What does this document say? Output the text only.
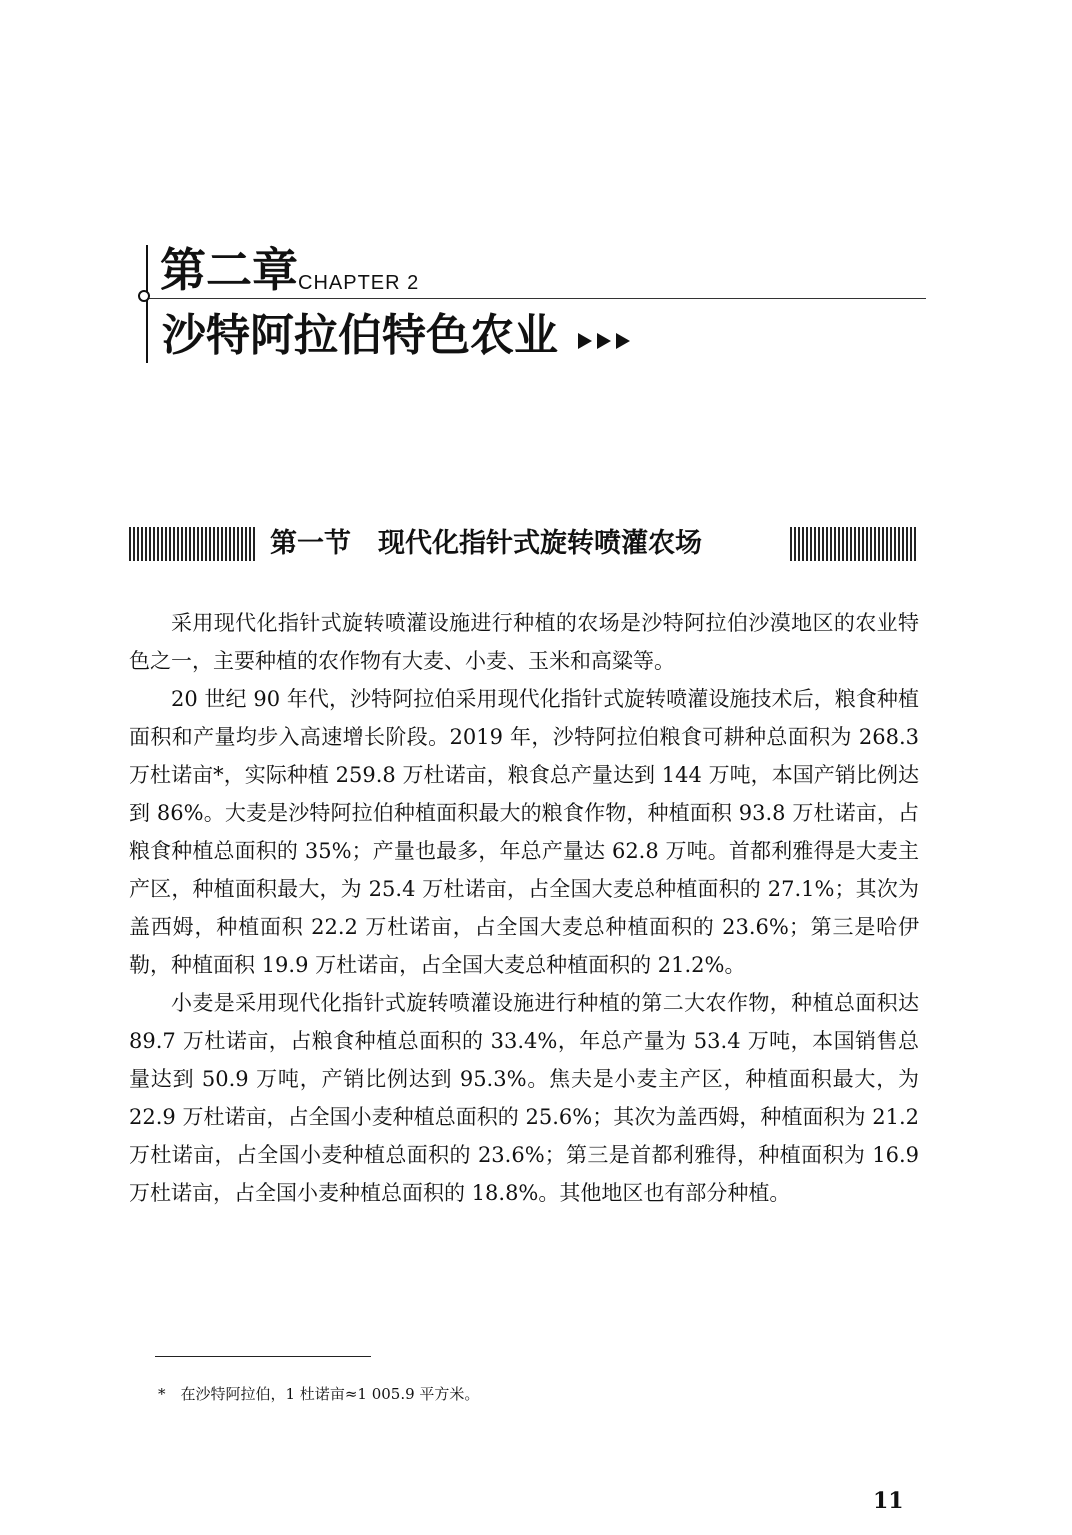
第二章 CHAPTER 2
沙特阿拉伯特色农业
第一节　现代化指针式旋转喷灌农场

采用现代化指针式旋转喷灌设施进行种植的农场是沙特阿拉伯沙漠地区的农业特色之一，主要种植的农作物有大麦、小麦、玉米和高粱等。

20 世纪 90 年代，沙特阿拉伯采用现代化指针式旋转喷灌设施技术后，粮食种植面积和产量均步入高速增长阶段。2019 年，沙特阿拉伯粮食可耕种总面积为 268.3 万杜诺亩*，实际种植 259.8 万杜诺亩，粮食总产量达到 144 万吨，本国产销比例达到 86%。大麦是沙特阿拉伯种植面积最大的粮食作物，种植面积 93.8 万杜诺亩，占粮食种植总面积的 35%；产量也最多，年总产量达 62.8 万吨。首都利雅得是大麦主产区，种植面积最大，为 25.4 万杜诺亩，占全国大麦总种植面积的 27.1%；其次为盖西姆，种植面积 22.2 万杜诺亩，占全国大麦总种植面积的 23.6%；第三是哈伊勒，种植面积 19.9 万杜诺亩，占全国大麦总种植面积的 21.2%。

小麦是采用现代化指针式旋转喷灌设施进行种植的第二大农作物，种植总面积达 89.7 万杜诺亩，占粮食种植总面积的 33.4%，年总产量为 53.4 万吨，本国销售总量达到 50.9 万吨，产销比例达到 95.3%。焦夫是小麦主产区，种植面积最大，为 22.9 万杜诺亩，占全国小麦种植总面积的 25.6%；其次为盖西姆，种植面积为 21.2 万杜诺亩，占全国小麦种植总面积的 23.6%；第三是首都利雅得，种植面积为 16.9 万杜诺亩，占全国小麦种植总面积的 18.8%。其他地区也有部分种植。

*　在沙特阿拉伯，1 杜诺亩≈1 005.9 平方米。
11
